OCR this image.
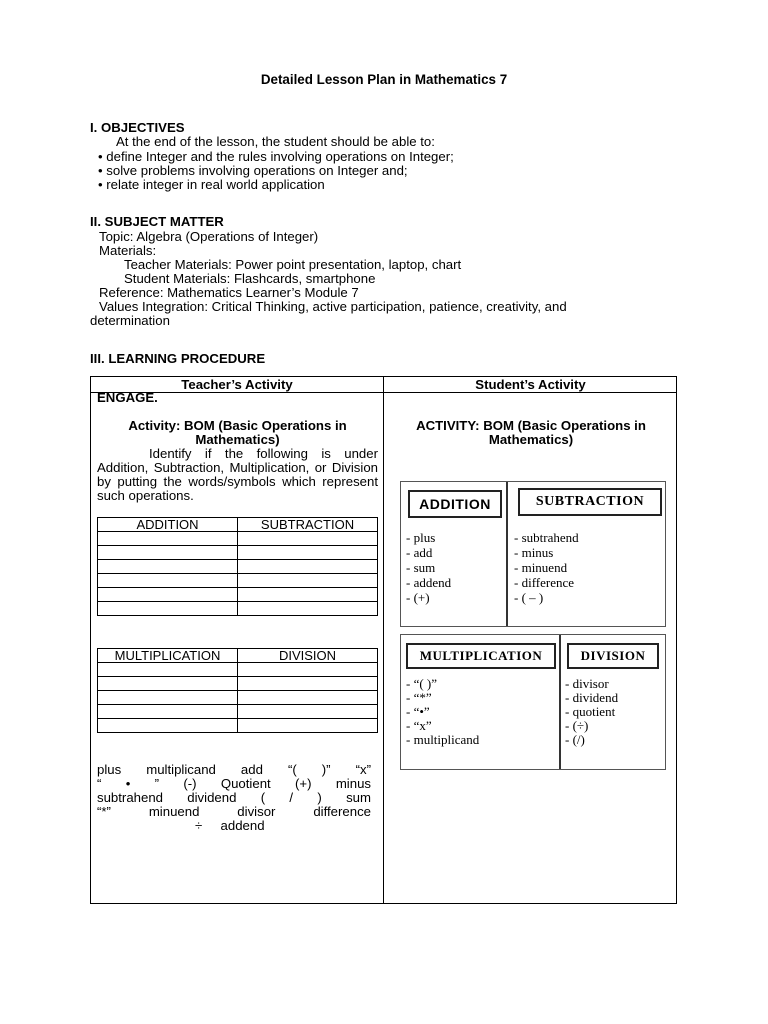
Detailed Lesson Plan in Mathematics 7
I. OBJECTIVES
At the end of the lesson, the student should be able to:
• define Integer and the rules involving operations on Integer;
• solve problems involving operations on Integer and;
• relate integer in real world application
II. SUBJECT MATTER
Topic: Algebra (Operations of Integer)
Materials:
Teacher Materials: Power point presentation, laptop, chart
Student Materials: Flashcards, smartphone
Reference: Mathematics Learner’s Module 7
Values Integration: Critical Thinking, active participation, patience, creativity, and
determination
III. LEARNING PROCEDURE
Teacher’s Activity	Student’s Activity
ENGAGE.
Activity: BOM (Basic Operations in Mathematics)
Identify if the following is under Addition, Subtraction, Multiplication, or Division by putting the words/symbols which represent such operations.
ADDITION	SUBTRACTION

MULTIPLICATION	DIVISION

plus multiplicand add “( )” “x”
“ • ” (-) Quotient (+) minus
subtrahend dividend ( / ) sum
“*” minuend divisor difference
÷     addend
ACTIVITY: BOM (Basic Operations in Mathematics)
ADDITION	SUBTRACTION
- plus
- add
- sum
- addend
- (+)
- subtrahend
- minus
- minuend
- difference
- ( – )
MULTIPLICATION	DIVISION
- “( )”
- “*”
- “•”
- “x”
- multiplicand
- divisor
- dividend
- quotient
- (÷)
- (/)
